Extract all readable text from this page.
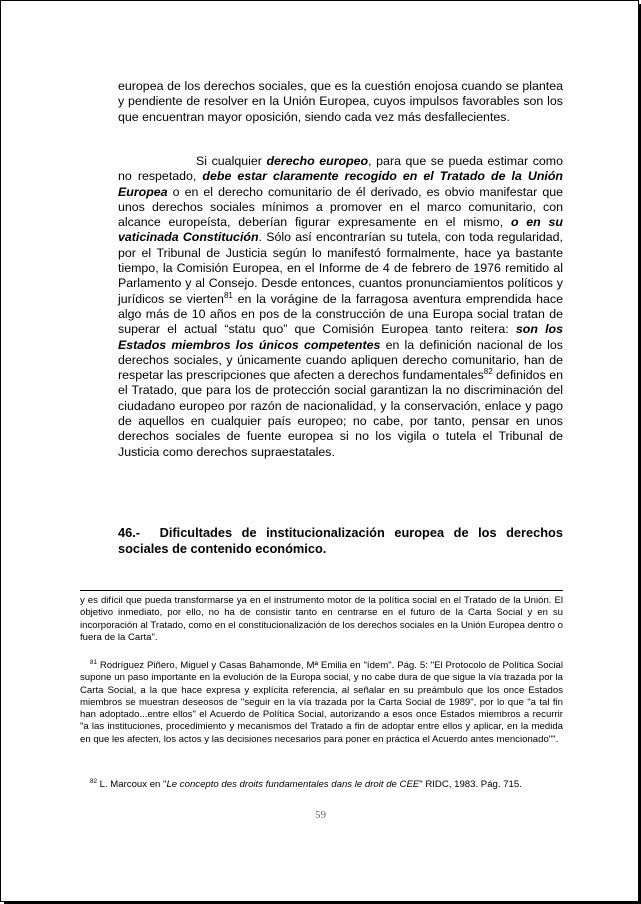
europea de los derechos sociales, que es la cuestión enojosa cuando se plantea y pendiente de resolver en la Unión Europea, cuyos impulsos favorables son los que encuentran mayor oposición, siendo cada vez más desfallecientes.

Si cualquier derecho europeo, para que se pueda estimar como no respetado, debe estar claramente recogido en el Tratado de la Unión Europea o en el derecho comunitario de él derivado, es obvio manifestar que unos derechos sociales mínimos a promover en el marco comunitario, con alcance europeísta, deberían figurar expresamente en el mismo, o en su vaticinada Constitución. Sólo así encontrarían su tutela, con toda regularidad, por el Tribunal de Justicia según lo manifestó formalmente, hace ya bastante tiempo, la Comisión Europea, en el Informe de 4 de febrero de 1976 remitido al Parlamento y al Consejo. Desde entonces, cuantos pronunciamientos políticos y jurídicos se vierten$^{81}$ en la vorágine de la farragosa aventura emprendida hace algo más de 10 años en pos de la construcción de una Europa social tratan de superar el actual “statu quo” que Comisión Europea tanto reitera: son los Estados miembros los únicos competentes en la definición nacional de los derechos sociales, y únicamente cuando apliquen derecho comunitario, han de respetar las prescripciones que afecten a derechos fundamentales$^{82}$ definidos en el Tratado, que para los de protección social garantizan la no discriminación del ciudadano europeo por razón de nacionalidad, y la conservación, enlace y pago de aquellos en cualquier país europeo; no cabe, por tanto, pensar en unos derechos sociales de fuente europea si no los vigila o tutela el Tribunal de Justicia como derechos supraestatales.

46.- Dificultades de institucionalización europea de los derechos sociales de contenido económico.

y es difícil que pueda transformarse ya en el instrumento motor de la política social en el Tratado de la Unión. El objetivo inmediato, por ello, no ha de consistir tanto en centrarse en el futuro de la Carta Social y en su incorporación al Tratado, como en el constitucionalización de los derechos sociales en la Unión Europea dentro o fuera de la Carta".

$^{81}$ Rodríguez Piñero, Miguel y Casas Bahamonde, Mª Emilia en "ídem". Pág. 5: "El Protocolo de Política Social supone un paso importante en la evolución de la Europa social, y no cabe dura de que sigue la vía trazada por la Carta Social, a la que hace expresa y explícita referencia, al señalar en su preámbulo que los once Estados miembros se muestran deseosos de "seguir en la vía trazada por la Carta Social de 1989", por lo que "a tal fin han adoptado...entre ellos" el Acuerdo de Política Social, autorizando a esos once Estados miembros a recurrir "a las instituciones, procedimiento y mecanismos del Tratado a fin de adoptar entre ellos y aplicar, en la medida en que les afecten, los actos y las decisiones necesarios para poner en práctica el Acuerdo antes mencionado"".

$^{82}$ L. Marcoux en "Le concepto des droits fundamentales dans le droit de CEE" RIDC, 1983. Pág. 715.

59
